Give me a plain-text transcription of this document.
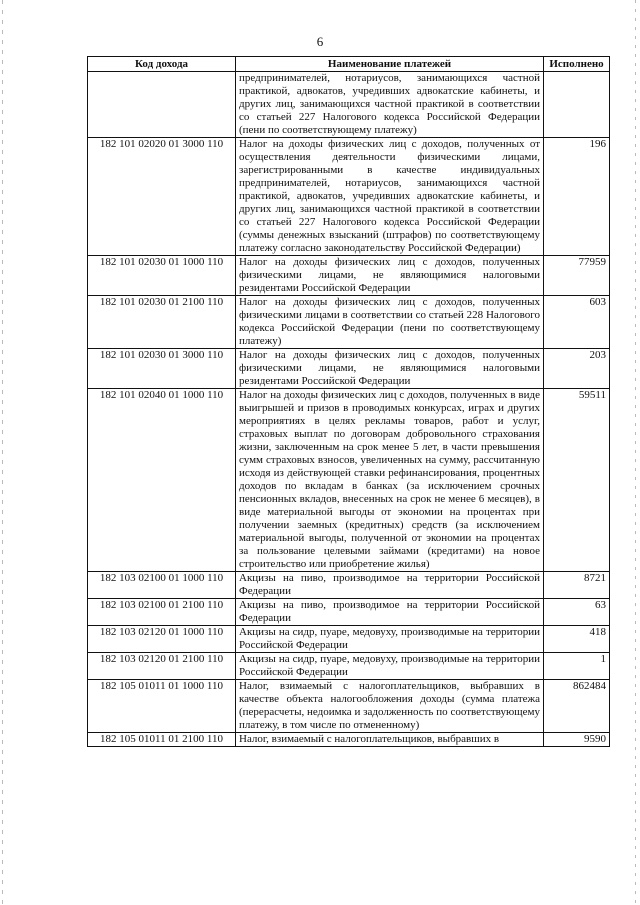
6
Код дохода	Наименование платежей	Исполнено
	предпринимателей, нотариусов, занимающихся частной практикой, адвокатов, учредивших адвокатские кабинеты, и других лиц, занимающихся частной практикой в соответствии со статьей 227 Налогового кодекса Российской Федерации (пени по соответствующему платежу)	
182 101 02020 01 3000 110	Налог на доходы физических лиц с доходов, полученных от осуществления деятельности физическими лицами, зарегистрированными в качестве индивидуальных предпринимателей, нотариусов, занимающихся частной практикой, адвокатов, учредивших адвокатские кабинеты, и других лиц, занимающихся частной практикой в соответствии со статьей 227 Налогового кодекса Российской Федерации (суммы денежных взысканий (штрафов) по соответствующему платежу согласно законодательству Российской Федерации)	196
182 101 02030 01 1000 110	Налог на доходы физических лиц с доходов, полученных физическими лицами, не являющимися налоговыми резидентами Российской Федерации	77959
182 101 02030 01 2100 110	Налог на доходы физических лиц с доходов, полученных физическими лицами в соответствии со статьей 228 Налогового кодекса Российской Федерации (пени по соответствующему платежу)	603
182 101 02030 01 3000 110	Налог на доходы физических лиц с доходов, полученных физическими лицами, не являющимися налоговыми резидентами Российской Федерации	203
182 101 02040 01 1000 110	Налог на доходы физических лиц с доходов, полученных в виде выигрышей и призов в проводимых конкурсах, играх и других мероприятиях в целях рекламы товаров, работ и услуг, страховых выплат по договорам добровольного страхования жизни, заключенным на срок менее 5 лет, в части превышения сумм страховых взносов, увеличенных на сумму, рассчитанную исходя из действующей ставки рефинансирования, процентных доходов по вкладам в банках (за исключением срочных пенсионных вкладов, внесенных на срок не менее 6 месяцев), в виде материальной выгоды от экономии на процентах при получении заемных (кредитных) средств (за исключением материальной выгоды, полученной от экономии на процентах за пользование целевыми займами (кредитами) на новое строительство или приобретение жилья)	59511
182 103 02100 01 1000 110	Акцизы на пиво, производимое на территории Российской Федерации	8721
182 103 02100 01 2100 110	Акцизы на пиво, производимое на территории Российской Федерации	63
182 103 02120 01 1000 110	Акцизы на сидр, пуаре, медовуху, производимые на территории Российской Федерации	418
182 103 02120 01 2100 110	Акцизы на сидр, пуаре, медовуху, производимые на территории Российской Федерации	1
182 105 01011 01 1000 110	Налог, взимаемый с налогоплательщиков, выбравших в качестве объекта налогообложения доходы (сумма платежа (перерасчеты, недоимка и задолженность по соответствующему платежу, в том числе по отмененному)	862484
182 105 01011 01 2100 110	Налог, взимаемый с налогоплательщиков, выбравших в	9590
